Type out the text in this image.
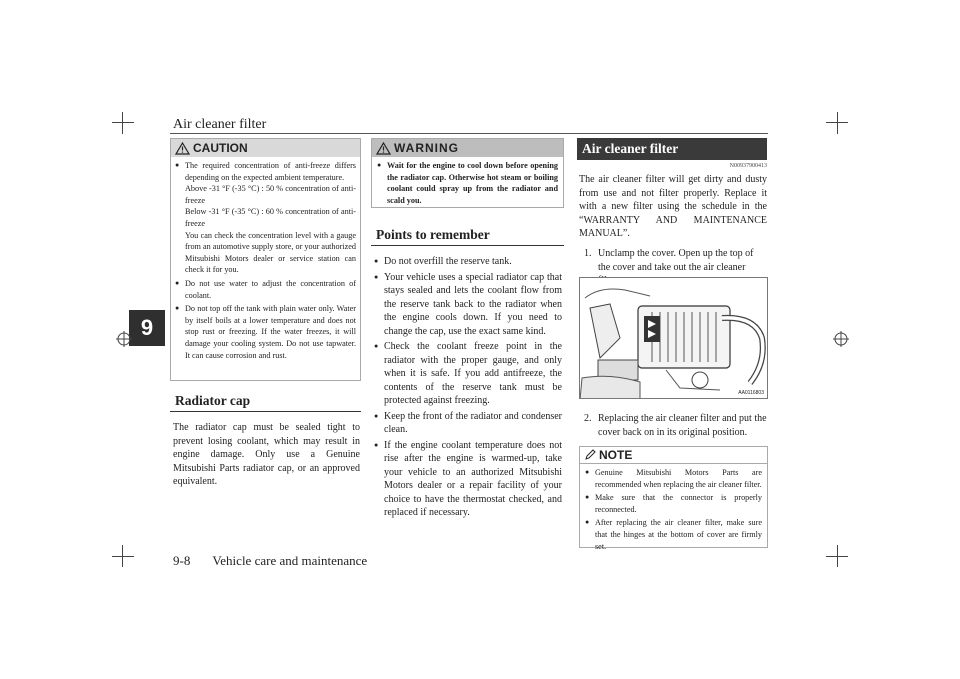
Air cleaner filter
9
CAUTION
● The required concentration of anti-freeze differs depending on the expected ambient temperature.
Above -31 °F (-35 °C) : 50 % concentration of anti-freeze
Below -31 °F (-35 °C) : 60 % concentration of anti-freeze
You can check the concentration level with a gauge from an automotive supply store, or your authorized Mitsubishi Motors dealer or service station can check it for you.
● Do not use water to adjust the concentration of coolant.
● Do not top off the tank with plain water only. Water by itself boils at a lower temperature and does not stop rust or freezing. If the water freezes, it will damage your cooling system. Do not use tapwater. It can cause corrosion and rust.
Radiator cap
The radiator cap must be sealed tight to prevent losing coolant, which may result in engine damage. Only use a Genuine Mitsubishi Parts radiator cap, or an approved equivalent.
WARNING
● Wait for the engine to cool down before opening the radiator cap. Otherwise hot steam or boiling coolant could spray up from the radiator and scald you.
Points to remember
● Do not overfill the reserve tank.
● Your vehicle uses a special radiator cap that stays sealed and lets the coolant flow from the reserve tank back to the radiator when the engine cools down. If you need to change the cap, use the exact same kind.
● Check the coolant freeze point in the radiator with the proper gauge, and only when it is safe. If you add antifreeze, the contents of the reserve tank must be protected against freezing.
● Keep the front of the radiator and condenser clean.
● If the engine coolant temperature does not rise after the engine is warmed-up, take your vehicle to an authorized Mitsubishi Motors dealer or a repair facility of your choice to have the thermostat checked, and replaced if necessary.
Air cleaner filter
N00937900413
The air cleaner filter will get dirty and dusty from use and not filter properly. Replace it with a new filter using the schedule in the “WARRANTY AND MAINTENANCE MANUAL”.
1. Unclamp the cover. Open up the top of the cover and take out the air cleaner
AA0116803
2. Replacing the air cleaner filter and put the cover back on in its original position.
NOTE
● Genuine Mitsubishi Motors Parts are recommended when replacing the air cleaner filter.
● Make sure that the connector is properly reconnected.
● After replacing the air cleaner filter, make sure that the hinges at the bottom of cover are firmly set.
9-8 Vehicle care and maintenance
